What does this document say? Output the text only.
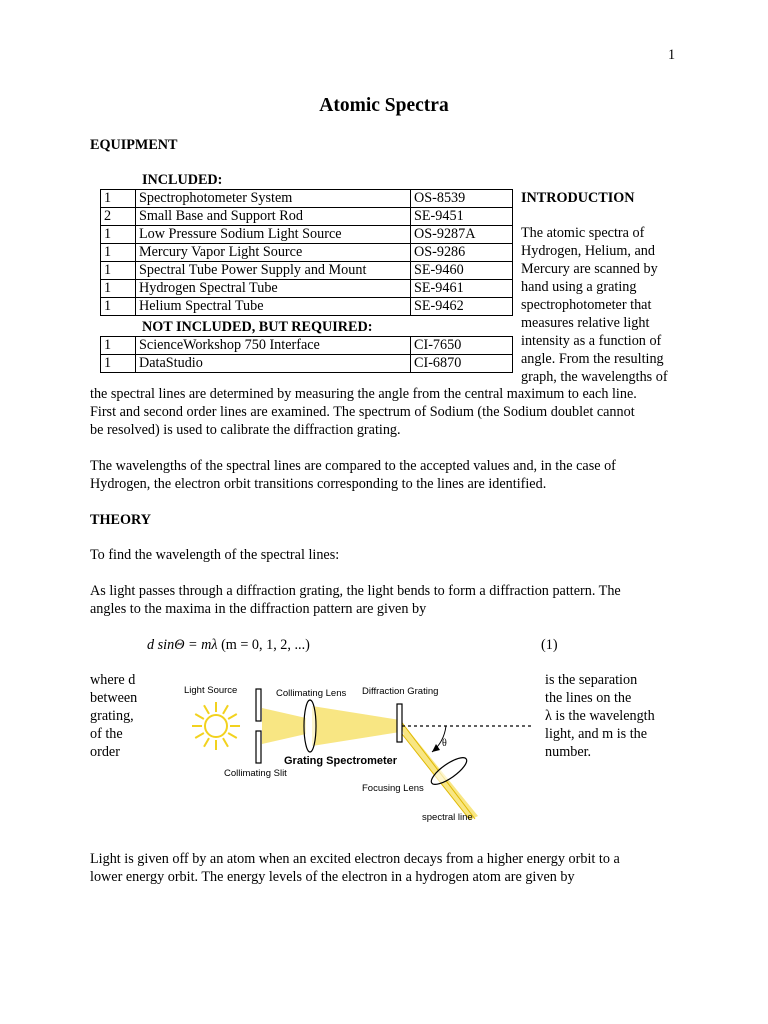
1
Atomic Spectra
EQUIPMENT
INCLUDED:
1	Spectrophotometer System	OS-8539
2	Small Base and Support Rod	SE-9451
1	Low Pressure Sodium Light Source	OS-9287A
1	Mercury Vapor Light Source	OS-9286
1	Spectral Tube Power Supply and Mount	SE-9460
1	Hydrogen Spectral Tube	SE-9461
1	Helium Spectral Tube	SE-9462
NOT INCLUDED, BUT REQUIRED:
1	ScienceWorkshop 750 Interface	CI-7650
1	DataStudio	CI-6870
INTRODUCTION
The atomic spectra of
Hydrogen, Helium, and
Mercury are scanned by
hand using a grating
spectrophotometer that
measures relative light
intensity as a function of
angle. From the resulting
graph, the wavelengths of
the spectral lines are determined by measuring the angle from the central maximum to each line.
First and second order lines are examined. The spectrum of Sodium (the Sodium doublet cannot
be resolved) is used to calibrate the diffraction grating.
The wavelengths of the spectral lines are compared to the accepted values and, in the case of
Hydrogen, the electron orbit transitions corresponding to the lines are identified.
THEORY
To find the wavelength of the spectral lines:
As light passes through a diffraction grating, the light bends to form a diffraction pattern. The
angles to the maxima in the diffraction pattern are given by
d sinΘ = mλ (m = 0, 1, 2, ...)	(1)
where d
between
grating,
of the
order
is the separation
the lines on the
λ is the wavelength
light, and m is the
number.
θ
Light Source	Collimating Lens Diffraction Grating
Grating Spectrometer
Collimating Slit
Focusing Lens
spectral line
Light is given off by an atom when an excited electron decays from a higher energy orbit to a
lower energy orbit. The energy levels of the electron in a hydrogen atom are given by
